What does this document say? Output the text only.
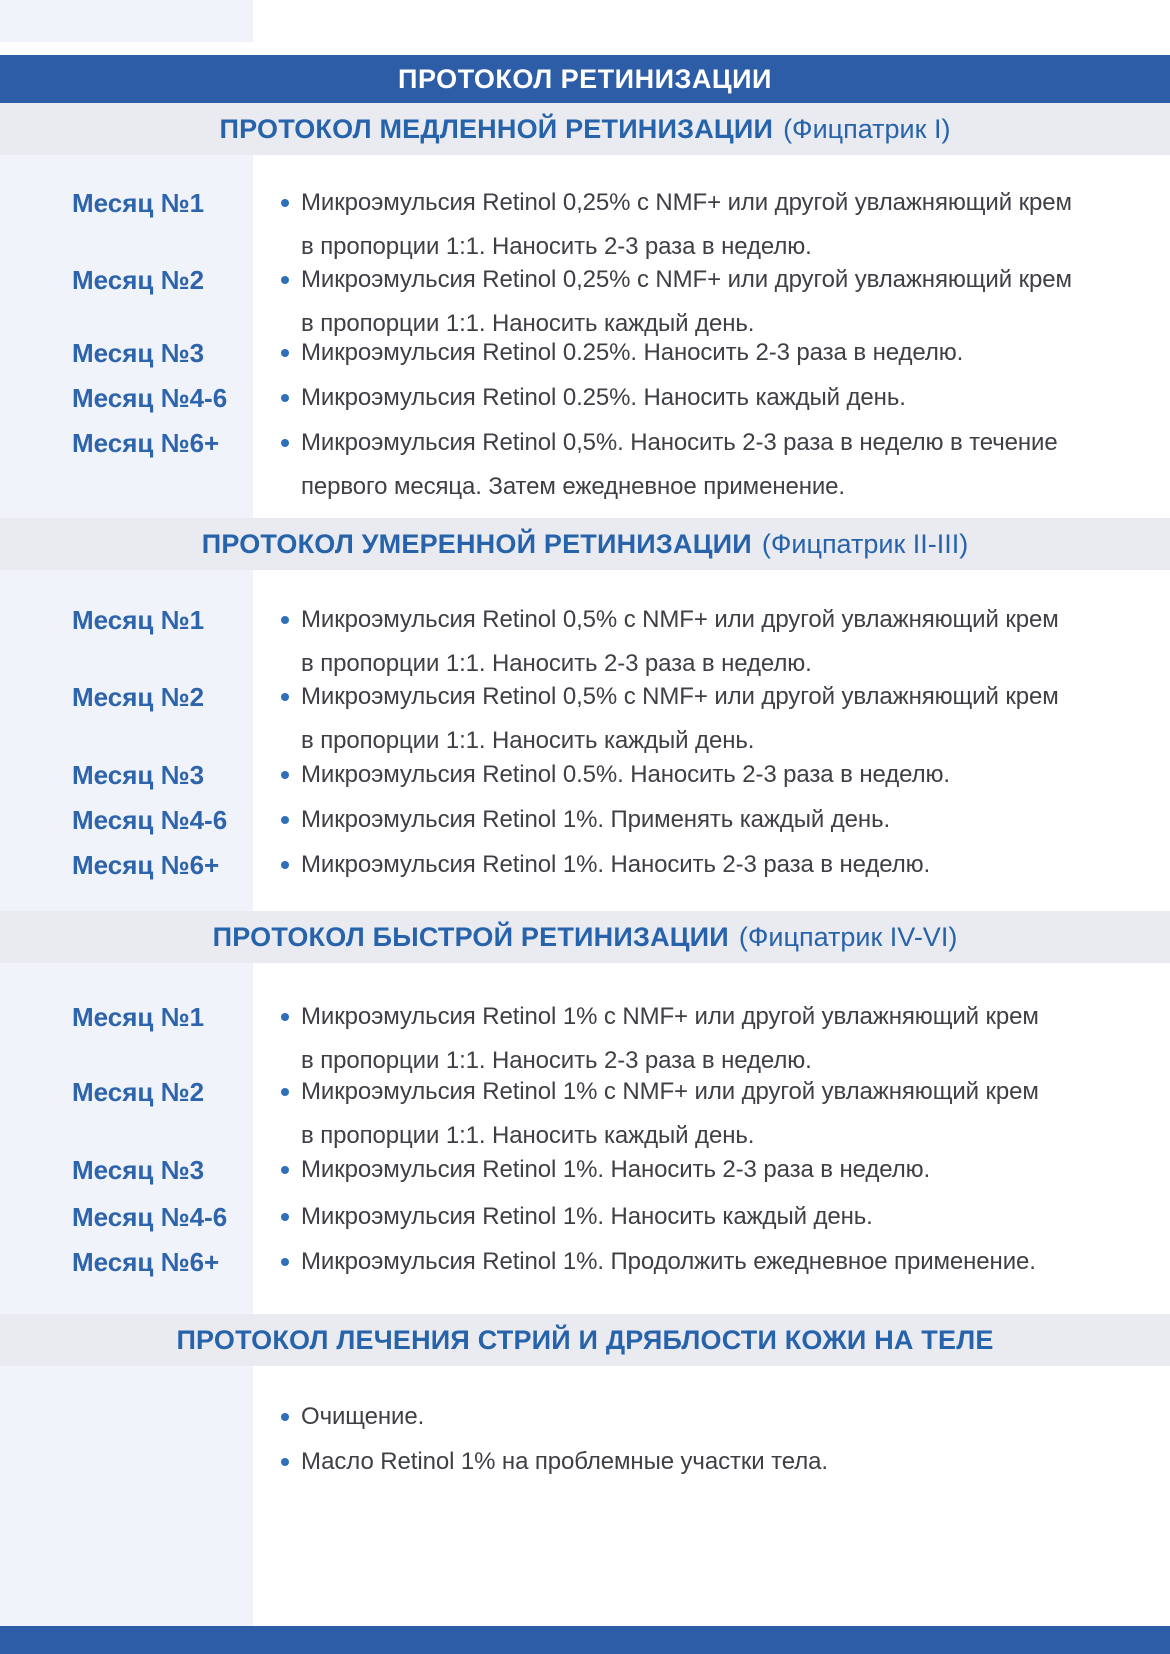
ПРОТОКОЛ РЕТИНИЗАЦИИ
ПРОТОКОЛ МЕДЛЕННОЙ РЕТИНИЗАЦИИ (Фицпатрик I)
Месяц №1	Микроэмульсия Retinol 0,25% с NMF+ или другой увлажняющий крем
в пропорции 1:1. Наносить 2-3 раза в неделю.
Месяц №2	Микроэмульсия Retinol 0,25% с NMF+ или другой увлажняющий крем
в пропорции 1:1. Наносить каждый день.
Месяц №3	Микроэмульсия Retinol 0.25%. Наносить 2-3 раза в неделю.
Месяц №4-6	Микроэмульсия Retinol 0.25%. Наносить каждый день.
Месяц №6+	Микроэмульсия Retinol 0,5%. Наносить 2-3 раза в неделю в течение
первого месяца. Затем ежедневное применение.
ПРОТОКОЛ УМЕРЕННОЙ РЕТИНИЗАЦИИ (Фицпатрик II-III)
Месяц №1	Микроэмульсия Retinol 0,5% с NMF+ или другой увлажняющий крем
в пропорции 1:1. Наносить 2-3 раза в неделю.
Месяц №2	Микроэмульсия Retinol 0,5% с NMF+ или другой увлажняющий крем
в пропорции 1:1. Наносить каждый день.
Месяц №3	Микроэмульсия Retinol 0.5%. Наносить 2-3 раза в неделю.
Месяц №4-6	Микроэмульсия Retinol 1%. Применять каждый день.
Месяц №6+	Микроэмульсия Retinol 1%. Наносить 2-3 раза в неделю.
ПРОТОКОЛ БЫСТРОЙ РЕТИНИЗАЦИИ (Фицпатрик IV-VI)
Месяц №1	Микроэмульсия Retinol 1% с NMF+ или другой увлажняющий крем
в пропорции 1:1. Наносить 2-3 раза в неделю.
Месяц №2	Микроэмульсия Retinol 1% с NMF+ или другой увлажняющий крем
в пропорции 1:1. Наносить каждый день.
Месяц №3	Микроэмульсия Retinol 1%. Наносить 2-3 раза в неделю.
Месяц №4-6	Микроэмульсия Retinol 1%. Наносить каждый день.
Месяц №6+	Микроэмульсия Retinol 1%. Продолжить ежедневное применение.
ПРОТОКОЛ ЛЕЧЕНИЯ СТРИЙ И ДРЯБЛОСТИ КОЖИ НА ТЕЛЕ
Очищение.
Масло Retinol 1% на проблемные участки тела.
